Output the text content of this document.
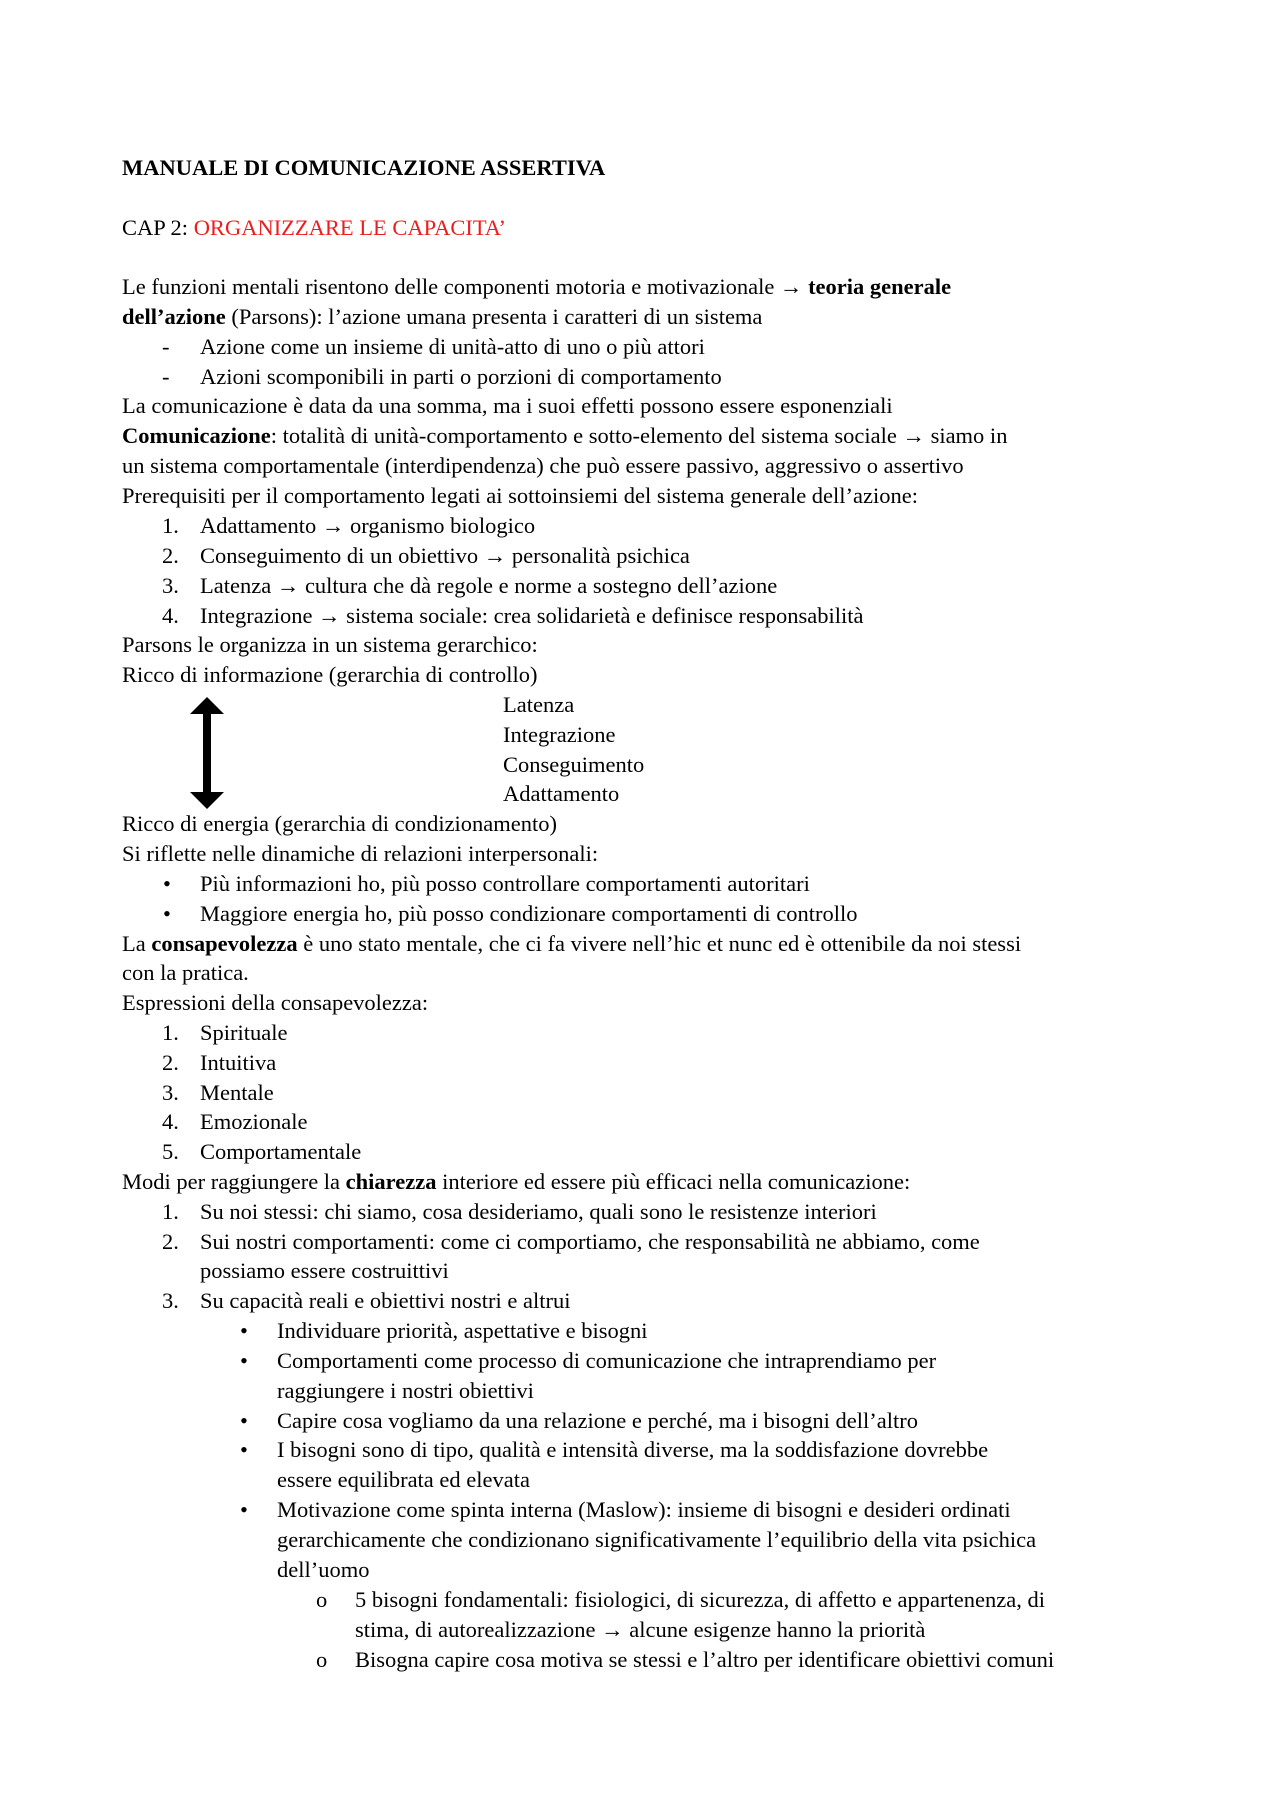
MANUALE DI COMUNICAZIONE ASSERTIVA
CAP 2: ORGANIZZARE LE CAPACITA’
Le funzioni mentali risentono delle componenti motoria e motivazionale → teoria generale
dell’azione (Parsons): l’azione umana presenta i caratteri di un sistema
- Azione come un insieme di unità-atto di uno o più attori
- Azioni scomponibili in parti o porzioni di comportamento
La comunicazione è data da una somma, ma i suoi effetti possono essere esponenziali
Comunicazione: totalità di unità-comportamento e sotto-elemento del sistema sociale → siamo in
un sistema comportamentale (interdipendenza) che può essere passivo, aggressivo o assertivo
Prerequisiti per il comportamento legati ai sottoinsiemi del sistema generale dell’azione:
1. Adattamento → organismo biologico
2. Conseguimento di un obiettivo → personalità psichica
3. Latenza → cultura che dà regole e norme a sostegno dell’azione
4. Integrazione → sistema sociale: crea solidarietà e definisce responsabilità
Parsons le organizza in un sistema gerarchico:
Ricco di informazione (gerarchia di controllo)
Latenza
Integrazione
Conseguimento
Adattamento
Ricco di energia (gerarchia di condizionamento)
Si riflette nelle dinamiche di relazioni interpersonali:
• Più informazioni ho, più posso controllare comportamenti autoritari
• Maggiore energia ho, più posso condizionare comportamenti di controllo
La consapevolezza è uno stato mentale, che ci fa vivere nell’hic et nunc ed è ottenibile da noi stessi
con la pratica.
Espressioni della consapevolezza:
1. Spirituale
2. Intuitiva
3. Mentale
4. Emozionale
5. Comportamentale
Modi per raggiungere la chiarezza interiore ed essere più efficaci nella comunicazione:
1. Su noi stessi: chi siamo, cosa desideriamo, quali sono le resistenze interiori
2. Sui nostri comportamenti: come ci comportiamo, che responsabilità ne abbiamo, come
possiamo essere costruittivi
3. Su capacità reali e obiettivi nostri e altrui
• Individuare priorità, aspettative e bisogni
• Comportamenti come processo di comunicazione che intraprendiamo per
raggiungere i nostri obiettivi
• Capire cosa vogliamo da una relazione e perché, ma i bisogni dell’altro
• I bisogni sono di tipo, qualità e intensità diverse, ma la soddisfazione dovrebbe
essere equilibrata ed elevata
• Motivazione come spinta interna (Maslow): insieme di bisogni e desideri ordinati
gerarchicamente che condizionano significativamente l’equilibrio della vita psichica
dell’uomo
o 5 bisogni fondamentali: fisiologici, di sicurezza, di affetto e appartenenza, di
stima, di autorealizzazione → alcune esigenze hanno la priorità
o Bisogna capire cosa motiva se stessi e l’altro per identificare obiettivi comuni
